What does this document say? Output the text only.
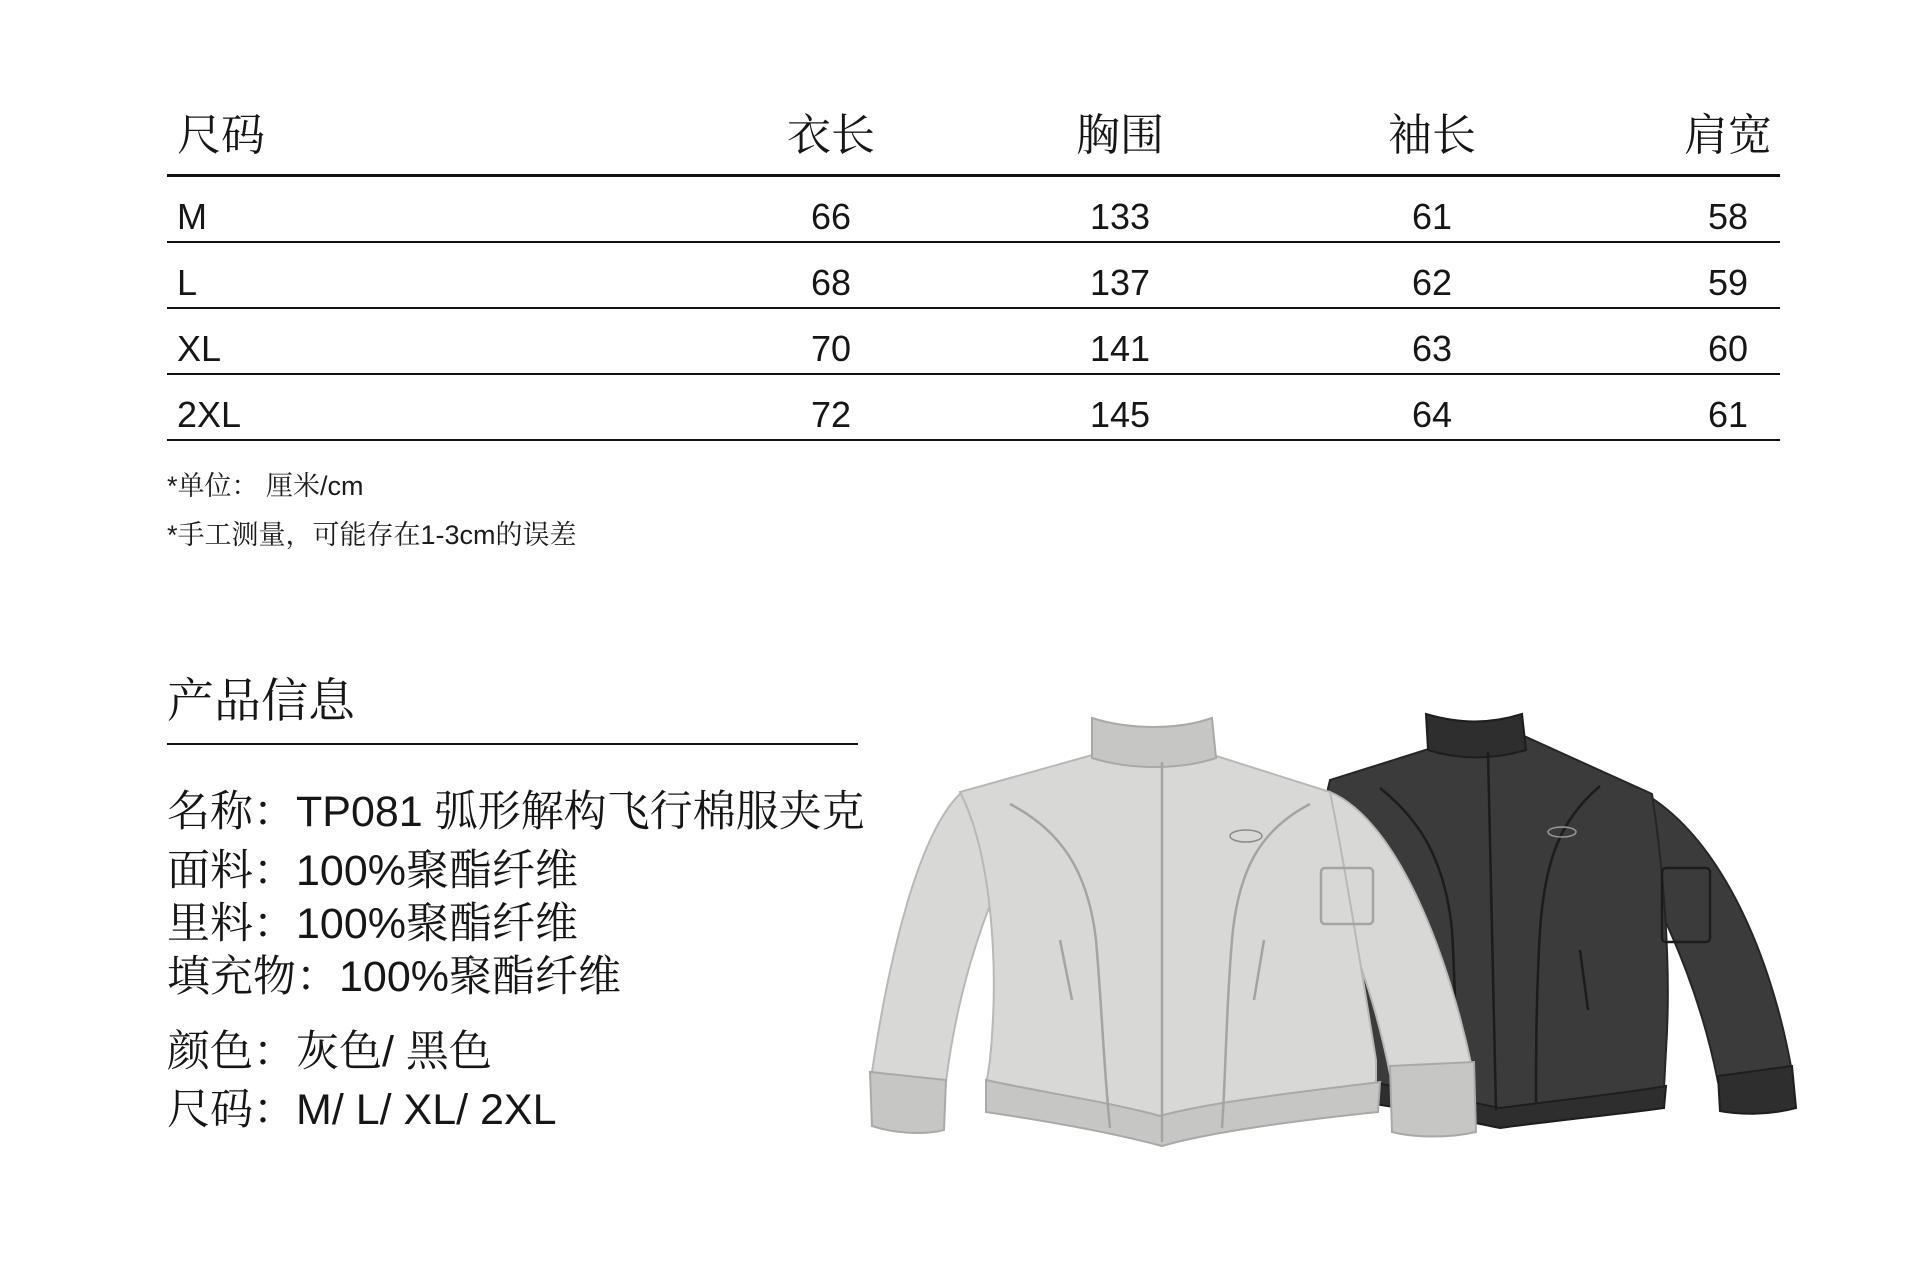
尺码	衣长	胸围	袖长	肩宽
M	66	133	61	58
L	68	137	62	59
XL	70	141	63	60
2XL	72	145	64	61
*单位： 厘米/cm
*手工测量，可能存在1-3cm的误差
产品信息
名称：TP081 弧形解构飞行棉服夹克
面料：100%聚酯纤维
里料：100%聚酯纤维
填充物：100%聚酯纤维
颜色：灰色/ 黑色
尺码：M/ L/ XL/ 2XL
